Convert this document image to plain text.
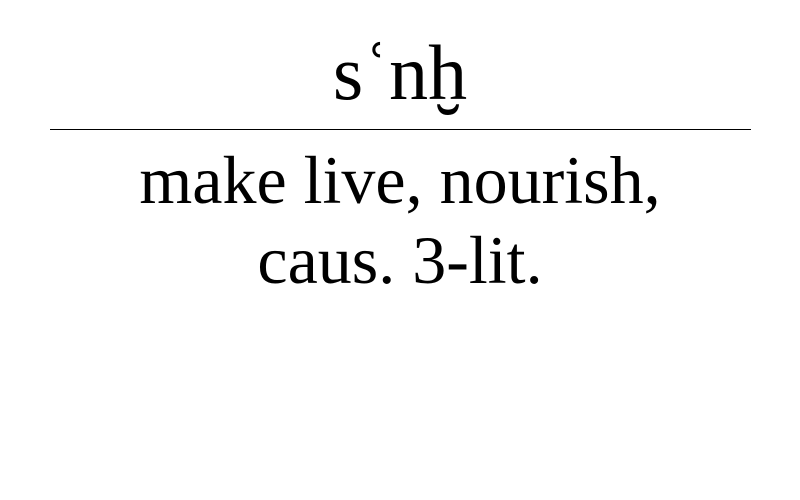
sʿnḫ
make live, nourish,
caus. 3-lit.
